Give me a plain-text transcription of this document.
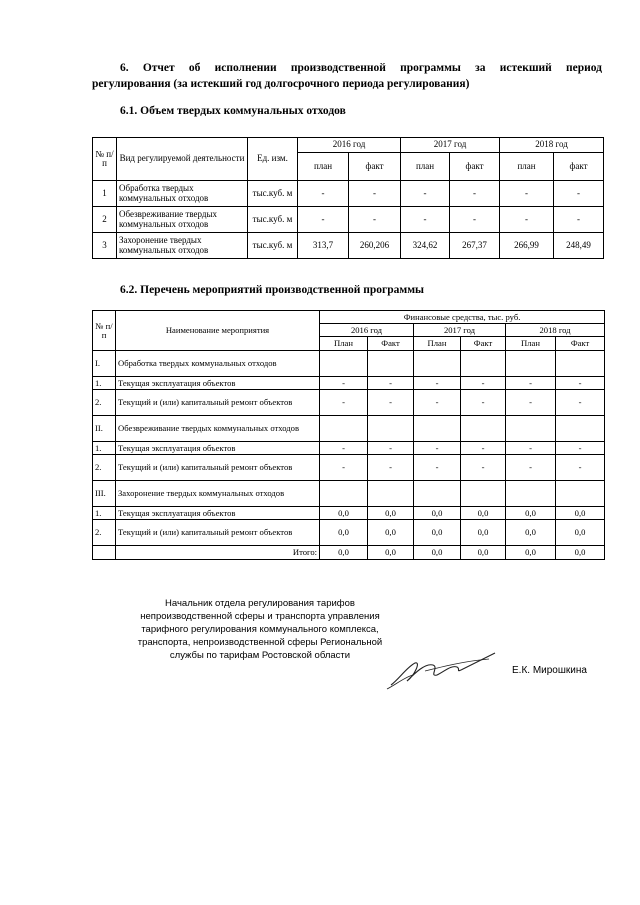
6. Отчет об исполнении производственной программы за истекший период
регулирования (за истекший год долгосрочного периода регулирования)
6.1. Объем твердых коммунальных отходов
№ п/п	Вид регулируемой деятельности	Ед. изм.	2016 год		2017 год		2018 год	
			план	факт	план	факт	план	факт
1	Обработка твердых коммунальных отходов	тыс.куб. м	-	-	-	-	-	-
2	Обезвреживание твердых коммунальных отходов	тыс.куб. м	-	-	-	-	-	-
3	Захоронение твердых коммунальных отходов	тыс.куб. м	313,7	260,206	324,62	267,37	266,99	248,49
6.2. Перечень мероприятий производственной программы
№ п/п	Наименование мероприятия	Финансовые средства, тыс. руб.					
		2016 год		2017 год		2018 год	
		План	Факт	План	Факт	План	Факт
I.	Обработка твердых коммунальных отходов						
1.	Текущая эксплуатация объектов	-	-	-	-	-	-
2.	Текущий и (или) капитальный ремонт объектов	-	-	-	-	-	-
II.	Обезвреживание твердых коммунальных отходов						
1.	Текущая эксплуатация объектов	-	-	-	-	-	-
2.	Текущий и (или) капитальный ремонт объектов	-	-	-	-	-	-
III.	Захоронение твердых коммунальных отходов						
1.	Текущая эксплуатация объектов	0,0	0,0	0,0	0,0	0,0	0,0
2.	Текущий и (или) капитальный ремонт объектов	0,0	0,0	0,0	0,0	0,0	0,0
	Итого:	0,0	0,0	0,0	0,0	0,0	0,0
Начальник отдела регулирования тарифов
непроизводственной сферы и транспорта управления
тарифного регулирования коммунального комплекса,
транспорта, непроизводственной сферы Региональной
службы по тарифам Ростовской области
Е.К. Мирошкина
